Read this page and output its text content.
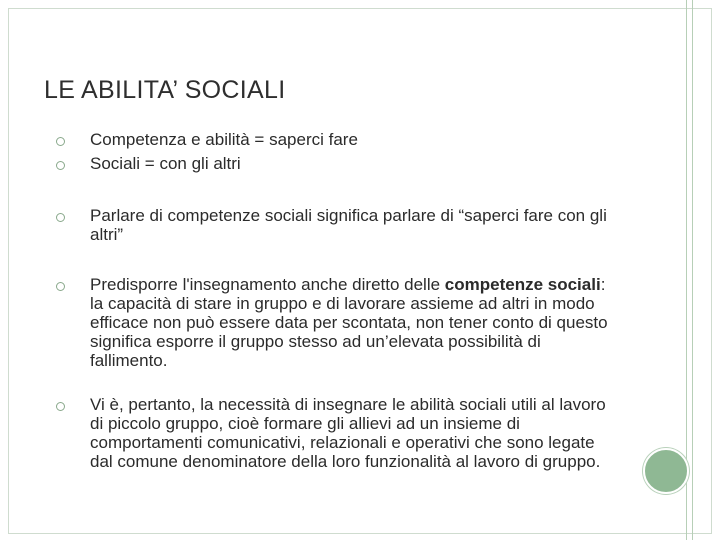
LE ABILITA’ SOCIALI
Competenza e abilità = saperci fare
Sociali = con gli altri
Parlare di competenze sociali significa parlare di “saperci fare con gli altri”
Predisporre l'insegnamento anche diretto delle competenze sociali: la capacità di stare in gruppo e di lavorare assieme ad altri in modo efficace non può essere data per scontata, non tener conto di questo significa esporre il gruppo stesso ad un’elevata possibilità di fallimento.
Vi è, pertanto, la necessità di insegnare le abilità sociali utili al lavoro di piccolo gruppo, cioè formare gli allievi ad un insieme di comportamenti comunicativi, relazionali e operativi che sono legate dal comune denominatore della loro funzionalità al lavoro di gruppo.
